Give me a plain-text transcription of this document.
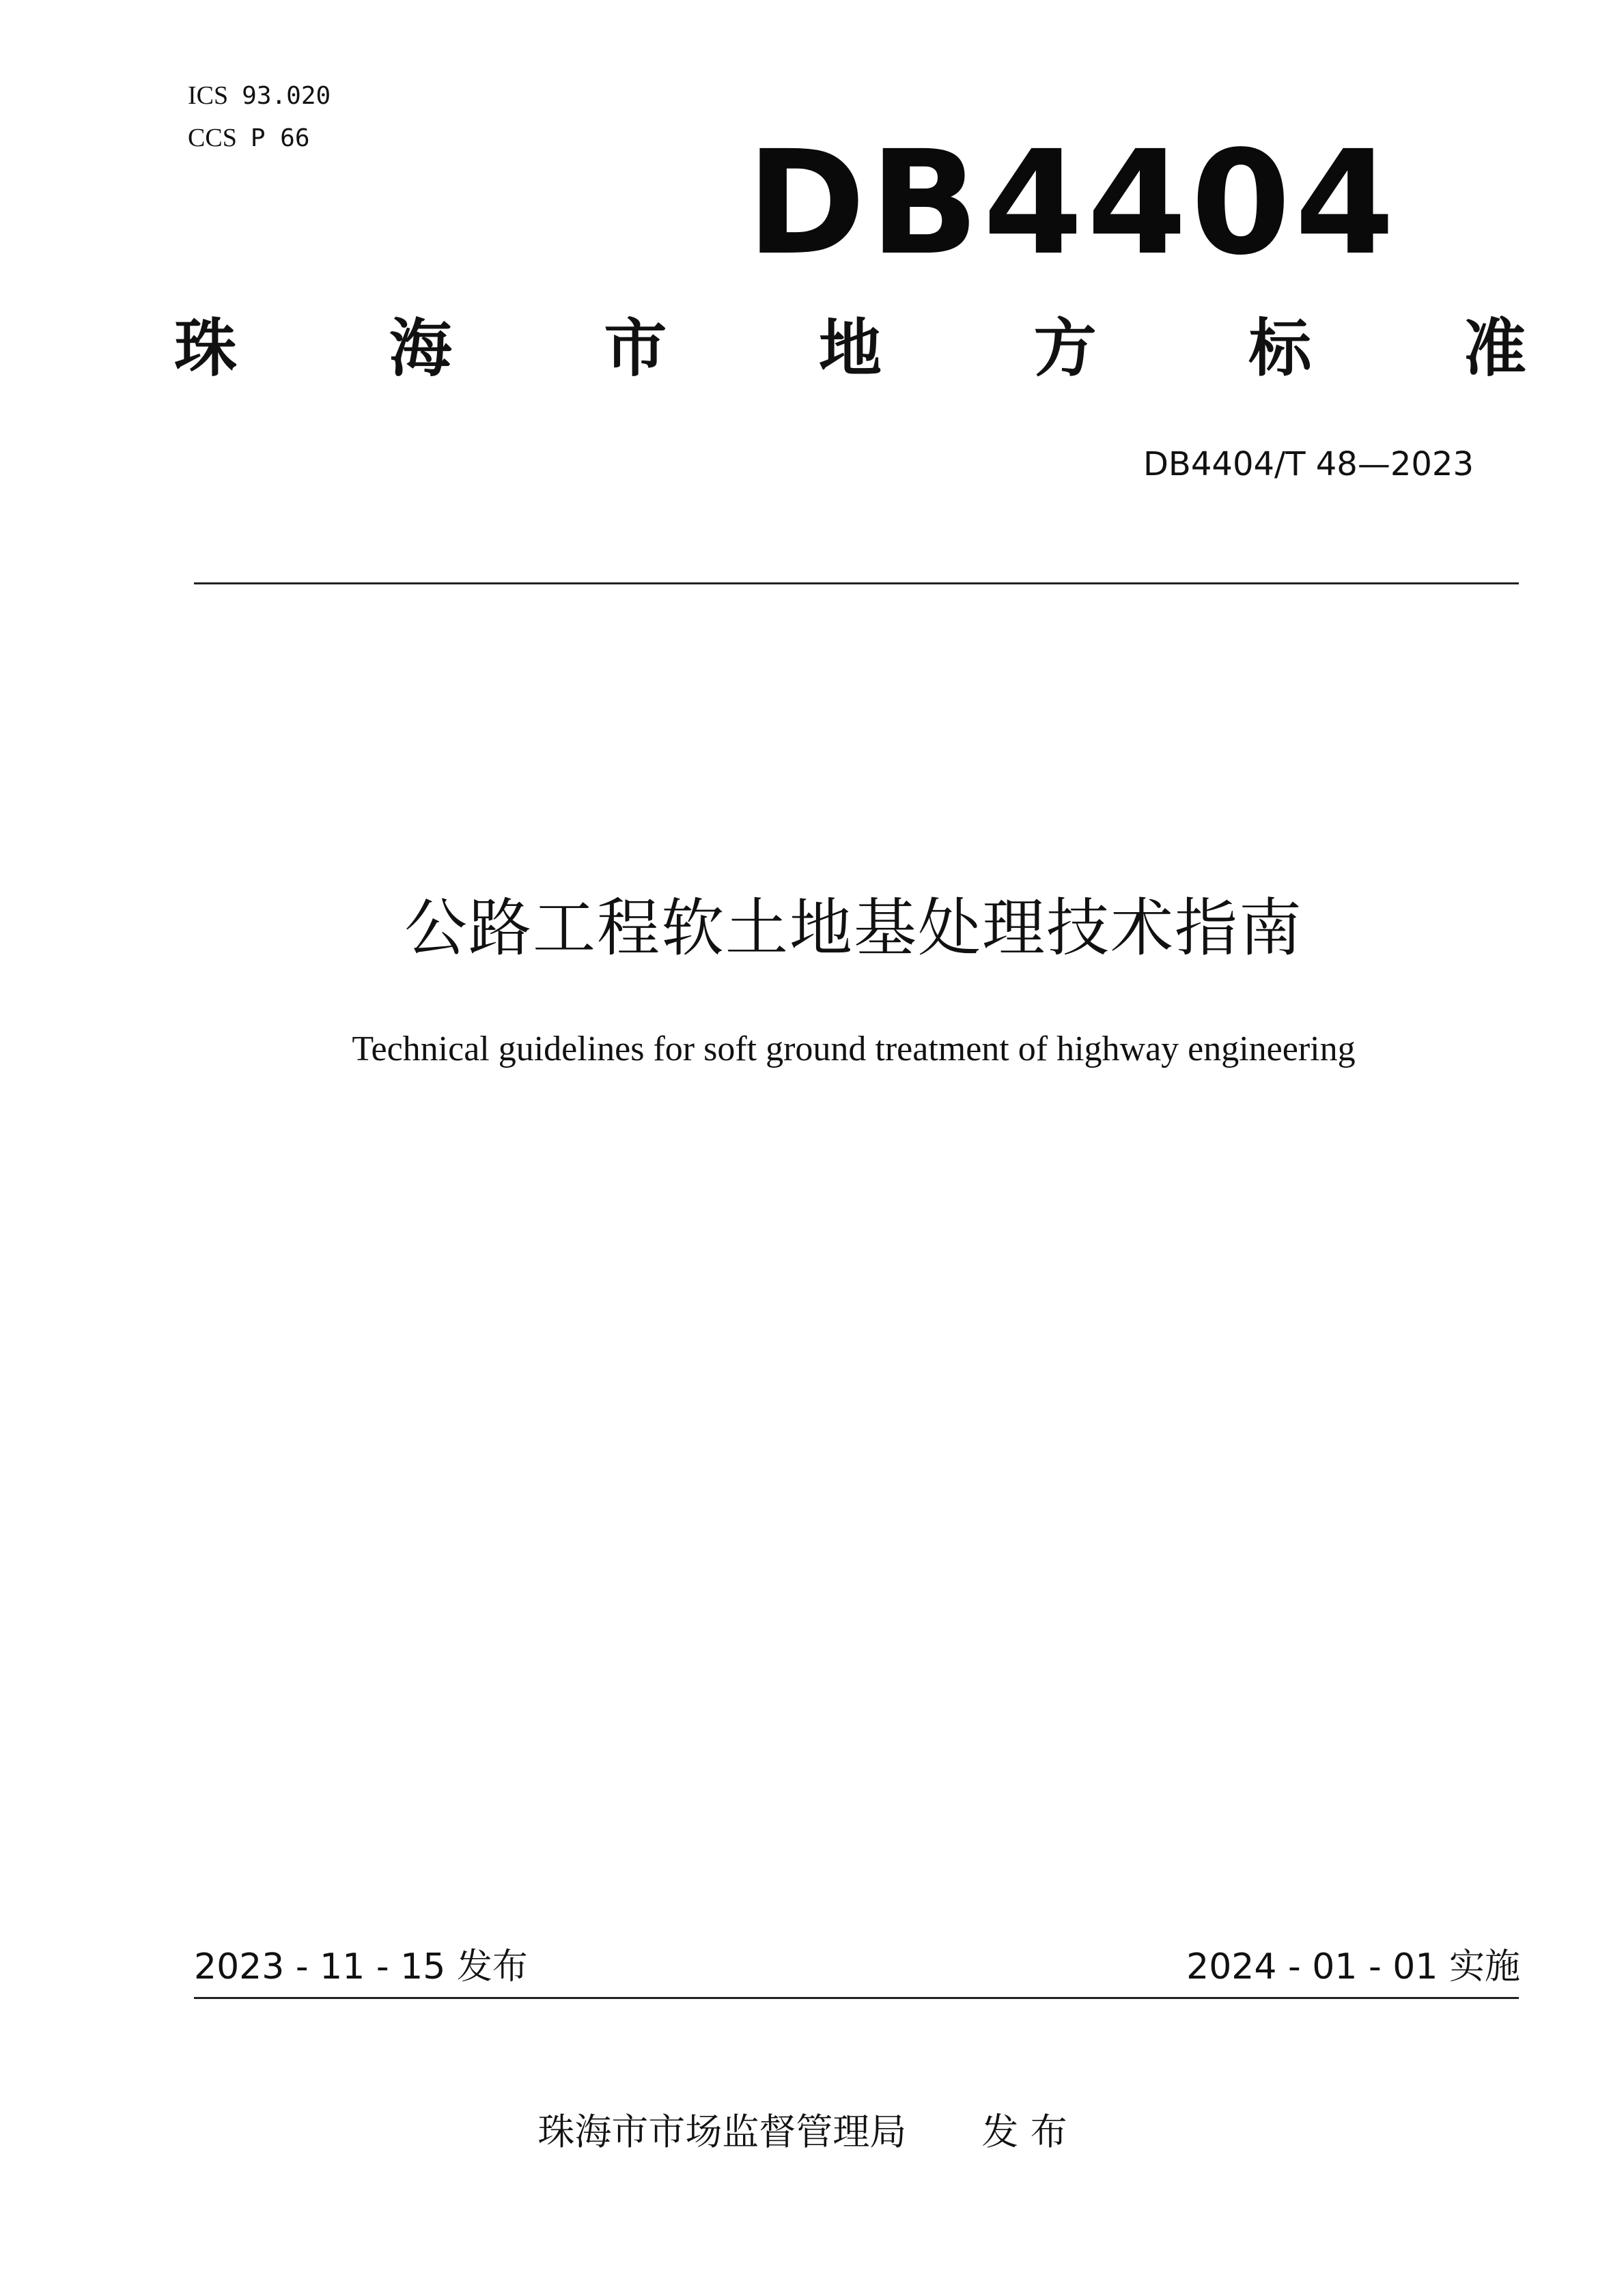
ICS 93.020
CCS P 66	DB4404
珠 海 市 地 方 标 准
DB4404/T 48—2023
公路工程软土地基处理技术指南
Technical guidelines for soft ground treatment of highway engineering
2023 - 11 - 15 发布	2024 - 01 - 01 实施
珠海市市场监督管理局 发 布
